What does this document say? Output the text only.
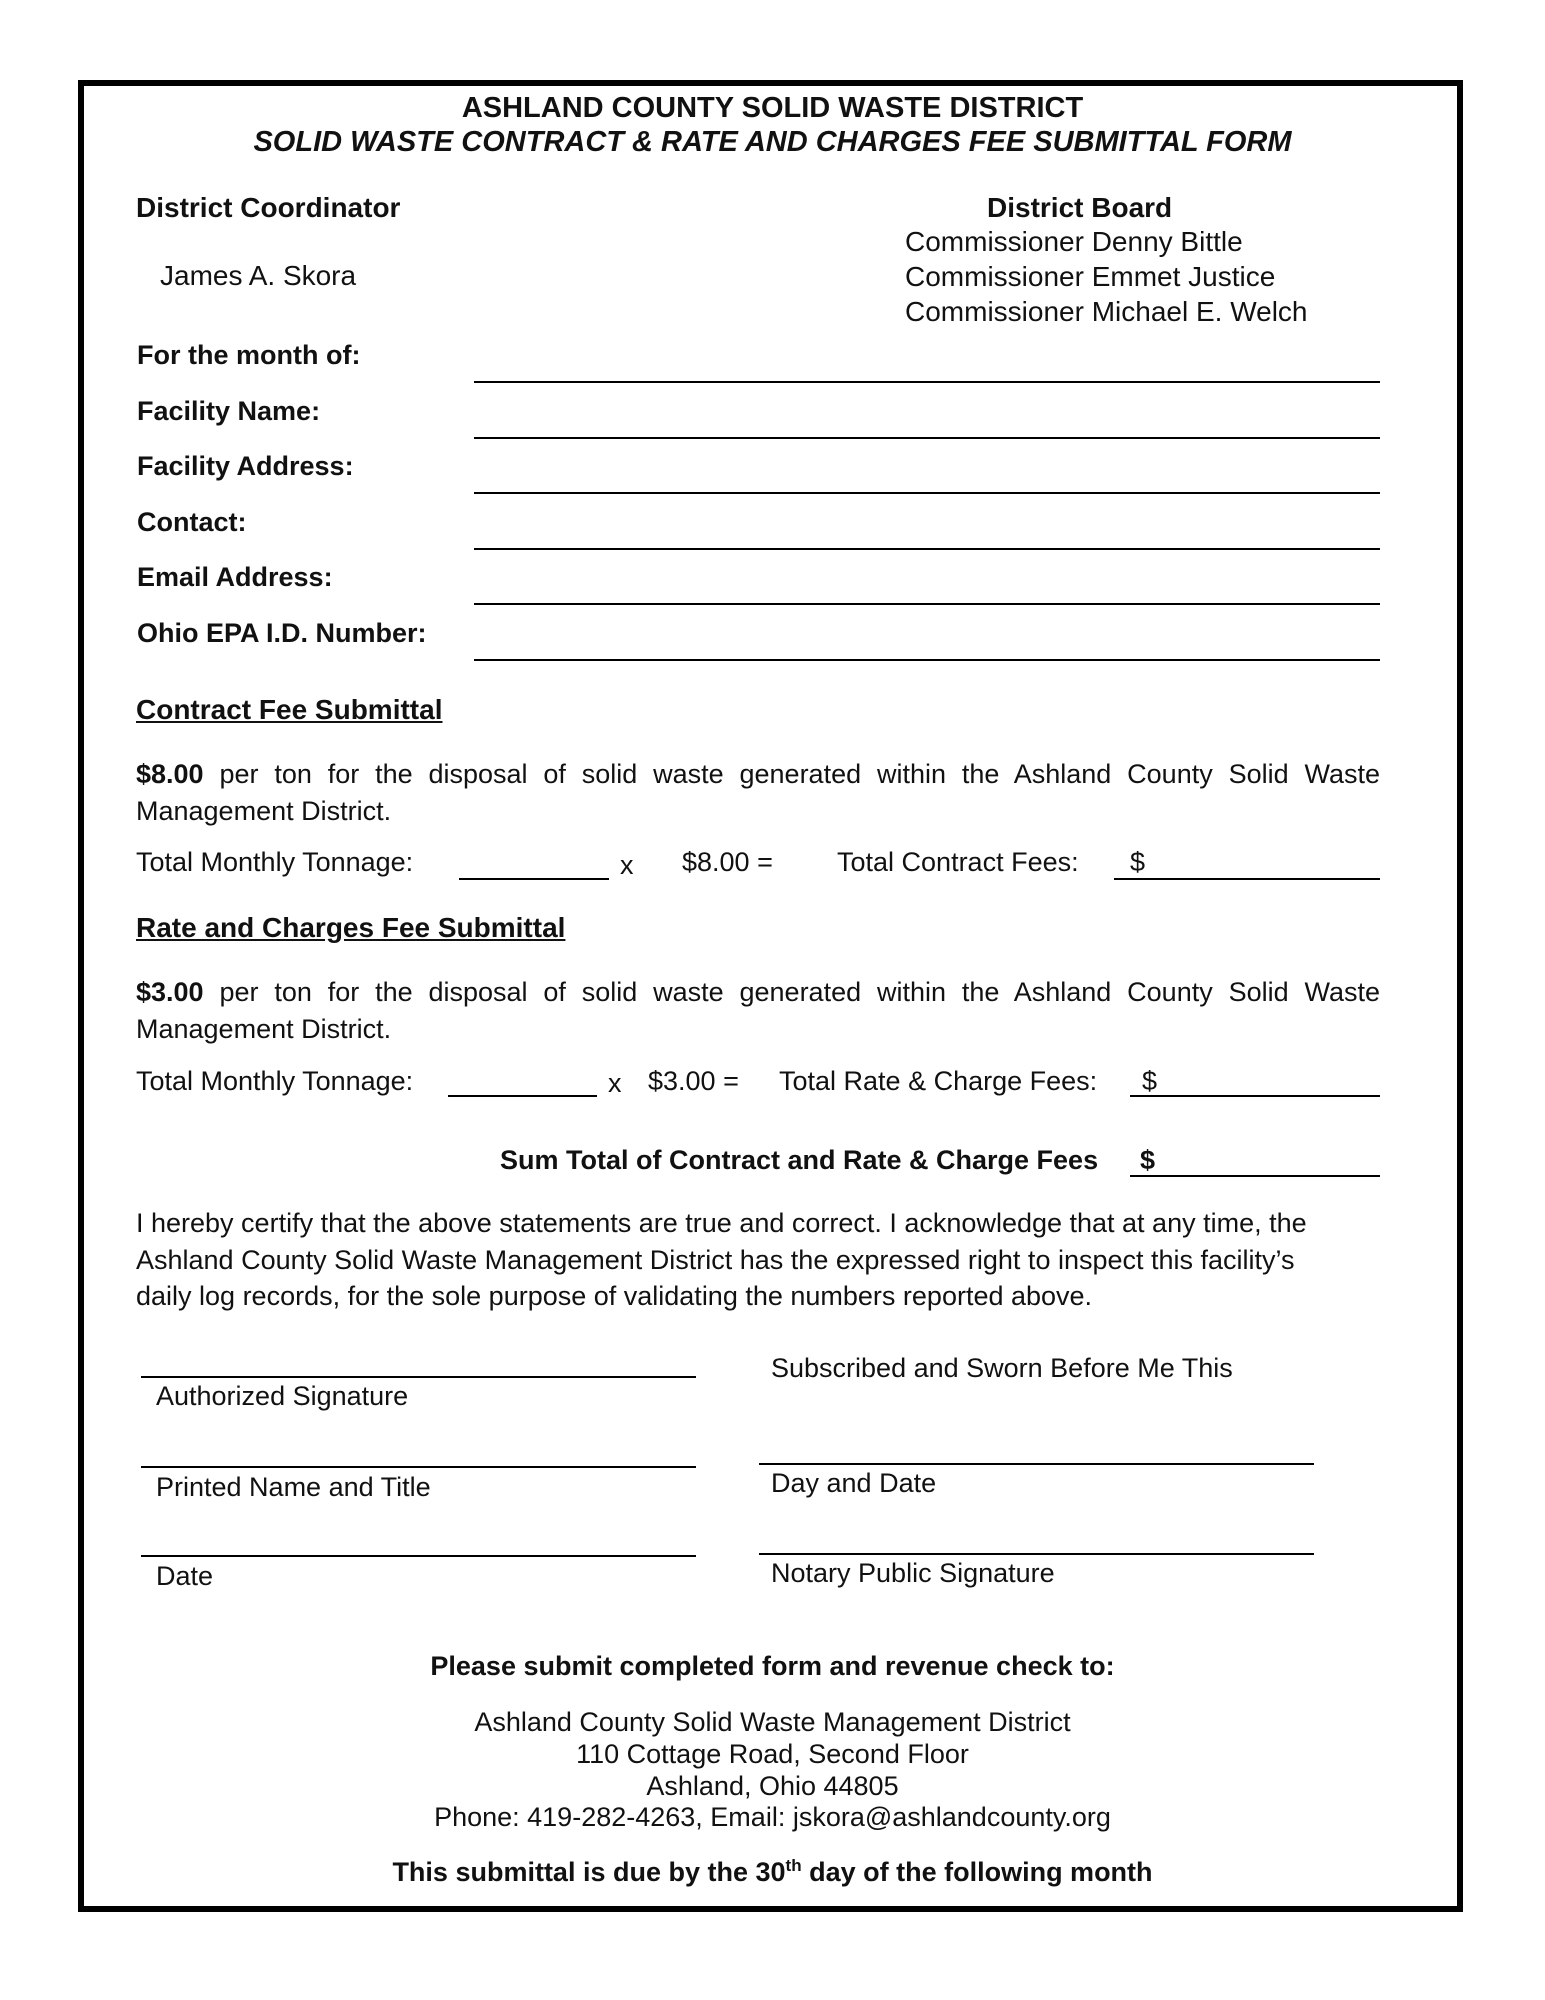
ASHLAND COUNTY SOLID WASTE DISTRICT
SOLID WASTE CONTRACT & RATE AND CHARGES FEE SUBMITTAL FORM
District Coordinator
James A. Skora
District Board
Commissioner Denny Bittle
Commissioner Emmet Justice
Commissioner Michael E. Welch
For the month of:
Facility Name:
Facility Address:
Contact:
Email Address:
Ohio EPA I.D. Number:
Contract Fee Submittal
$8.00 per ton for the disposal of solid waste generated within the Ashland County Solid Waste Management District.
Total Monthly Tonnage:	x $8.00 = Total Contract Fees: $
Rate and Charges Fee Submittal
$3.00 per ton for the disposal of solid waste generated within the Ashland County Solid Waste Management District.
Total Monthly Tonnage:	x $3.00 = Total Rate & Charge Fees: $
Sum Total of Contract and Rate & Charge Fees $
I hereby certify that the above statements are true and correct. I acknowledge that at any time, the
Ashland County Solid Waste Management District has the expressed right to inspect this facility’s
daily log records, for the sole purpose of validating the numbers reported above.
Authorized Signature
Printed Name and Title
Date
Subscribed and Sworn Before Me This
Day and Date
Notary Public Signature
Please submit completed form and revenue check to:
Ashland County Solid Waste Management District
110 Cottage Road, Second Floor
Ashland, Ohio 44805
Phone: 419-282-4263, Email: jskora@ashlandcounty.org
This submittal is due by the 30th day of the following month
